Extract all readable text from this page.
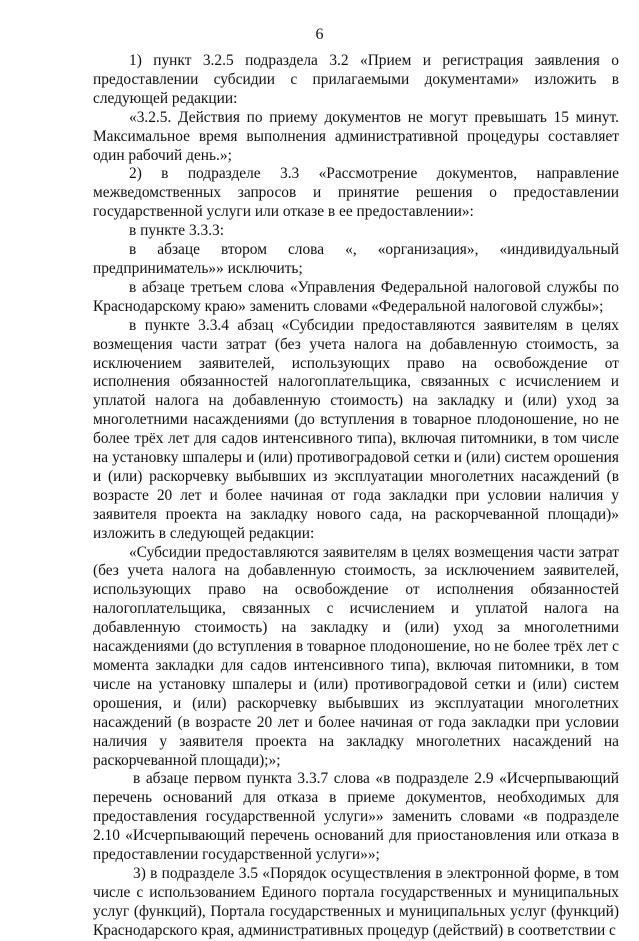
6

1) пункт 3.2.5 подраздела 3.2 «Прием и регистрация заявления о предоставлении субсидии с прилагаемыми документами» изложить в следующей редакции:

«3.2.5. Действия по приему документов не могут превышать 15 минут. Максимальное время выполнения административной процедуры составляет один рабочий день.»;

2) в подразделе 3.3 «Рассмотрение документов, направление межведомственных запросов и принятие решения о предоставлении государственной услуги или отказе в ее предоставлении»:

в пункте 3.3.3:

в абзаце втором слова «, «организация», «индивидуальный предприниматель»» исключить;

в абзаце третьем слова «Управления Федеральной налоговой службы по Краснодарскому краю» заменить словами «Федеральной налоговой службы»;

в пункте 3.3.4 абзац «Субсидии предоставляются заявителям в целях возмещения части затрат (без учета налога на добавленную стоимость, за исключением заявителей, использующих право на освобождение от исполнения обязанностей налогоплательщика, связанных с исчислением и уплатой налога на добавленную стоимость) на закладку и (или) уход за многолетними насаждениями (до вступления в товарное плодоношение, но не более трёх лет для садов интенсивного типа), включая питомники, в том числе на установку шпалеры и (или) противоградовой сетки и (или) систем орошения и (или) раскорчевку выбывших из эксплуатации многолетних насаждений (в возрасте 20 лет и более начиная от года закладки при условии наличия у заявителя проекта на закладку нового сада, на раскорчеванной площади)» изложить в следующей редакции:

«Субсидии предоставляются заявителям в целях возмещения части затрат (без учета налога на добавленную стоимость, за исключением заявителей, использующих право на освобождение от исполнения обязанностей налогоплательщика, связанных с исчислением и уплатой налога на добавленную стоимость) на закладку и (или) уход за многолетними насаждениями (до вступления в товарное плодоношение, но не более трёх лет с момента закладки для садов интенсивного типа), включая питомники, в том числе на установку шпалеры и (или) противоградовой сетки и (или) систем орошения, и (или) раскорчевку выбывших из эксплуатации многолетних насаждений (в возрасте 20 лет и более начиная от года закладки при условии наличия у заявителя проекта на закладку многолетних насаждений на раскорчеванной площади);»;

в абзаце первом пункта 3.3.7 слова «в подразделе 2.9 «Исчерпывающий перечень оснований для отказа в приеме документов, необходимых для предоставления государственной услуги»» заменить словами «в подразделе 2.10 «Исчерпывающий перечень оснований для приостановления или отказа в предоставлении государственной услуги»»;

3) в подразделе 3.5 «Порядок осуществления в электронной форме, в том числе с использованием Единого портала государственных и муниципальных услуг (функций), Портала государственных и муниципальных услуг (функций) Краснодарского края, административных процедур (действий) в соответствии с
